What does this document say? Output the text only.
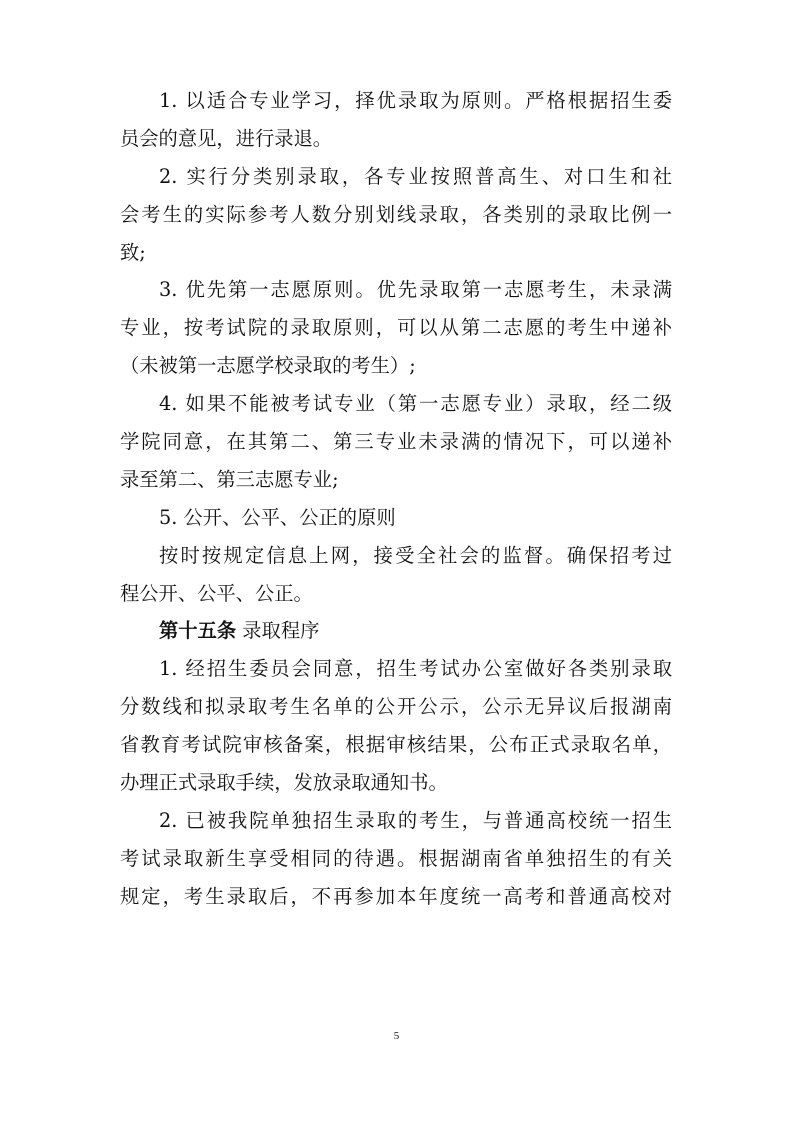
1. 以适合专业学习，择优录取为原则。严格根据招生委
员会的意见，进行录退。
2. 实行分类别录取，各专业按照普高生、对口生和社
会考生的实际参考人数分别划线录取，各类别的录取比例一
致;
3. 优先第一志愿原则。优先录取第一志愿考生，未录满
专业，按考试院的录取原则，可以从第二志愿的考生中递补
（未被第一志愿学校录取的考生）;
4. 如果不能被考试专业（第一志愿专业）录取，经二级
学院同意，在其第二、第三专业未录满的情况下，可以递补
录至第二、第三志愿专业;
5. 公开、公平、公正的原则
按时按规定信息上网，接受全社会的监督。确保招考过
程公开、公平、公正。
第十五条 录取程序
1. 经招生委员会同意，招生考试办公室做好各类别录取
分数线和拟录取考生名单的公开公示，公示无异议后报湖南
省教育考试院审核备案，根据审核结果，公布正式录取名单，
办理正式录取手续，发放录取通知书。
2. 已被我院单独招生录取的考生，与普通高校统一招生
考试录取新生享受相同的待遇。根据湖南省单独招生的有关
规定，考生录取后，不再参加本年度统一高考和普通高校对
5
